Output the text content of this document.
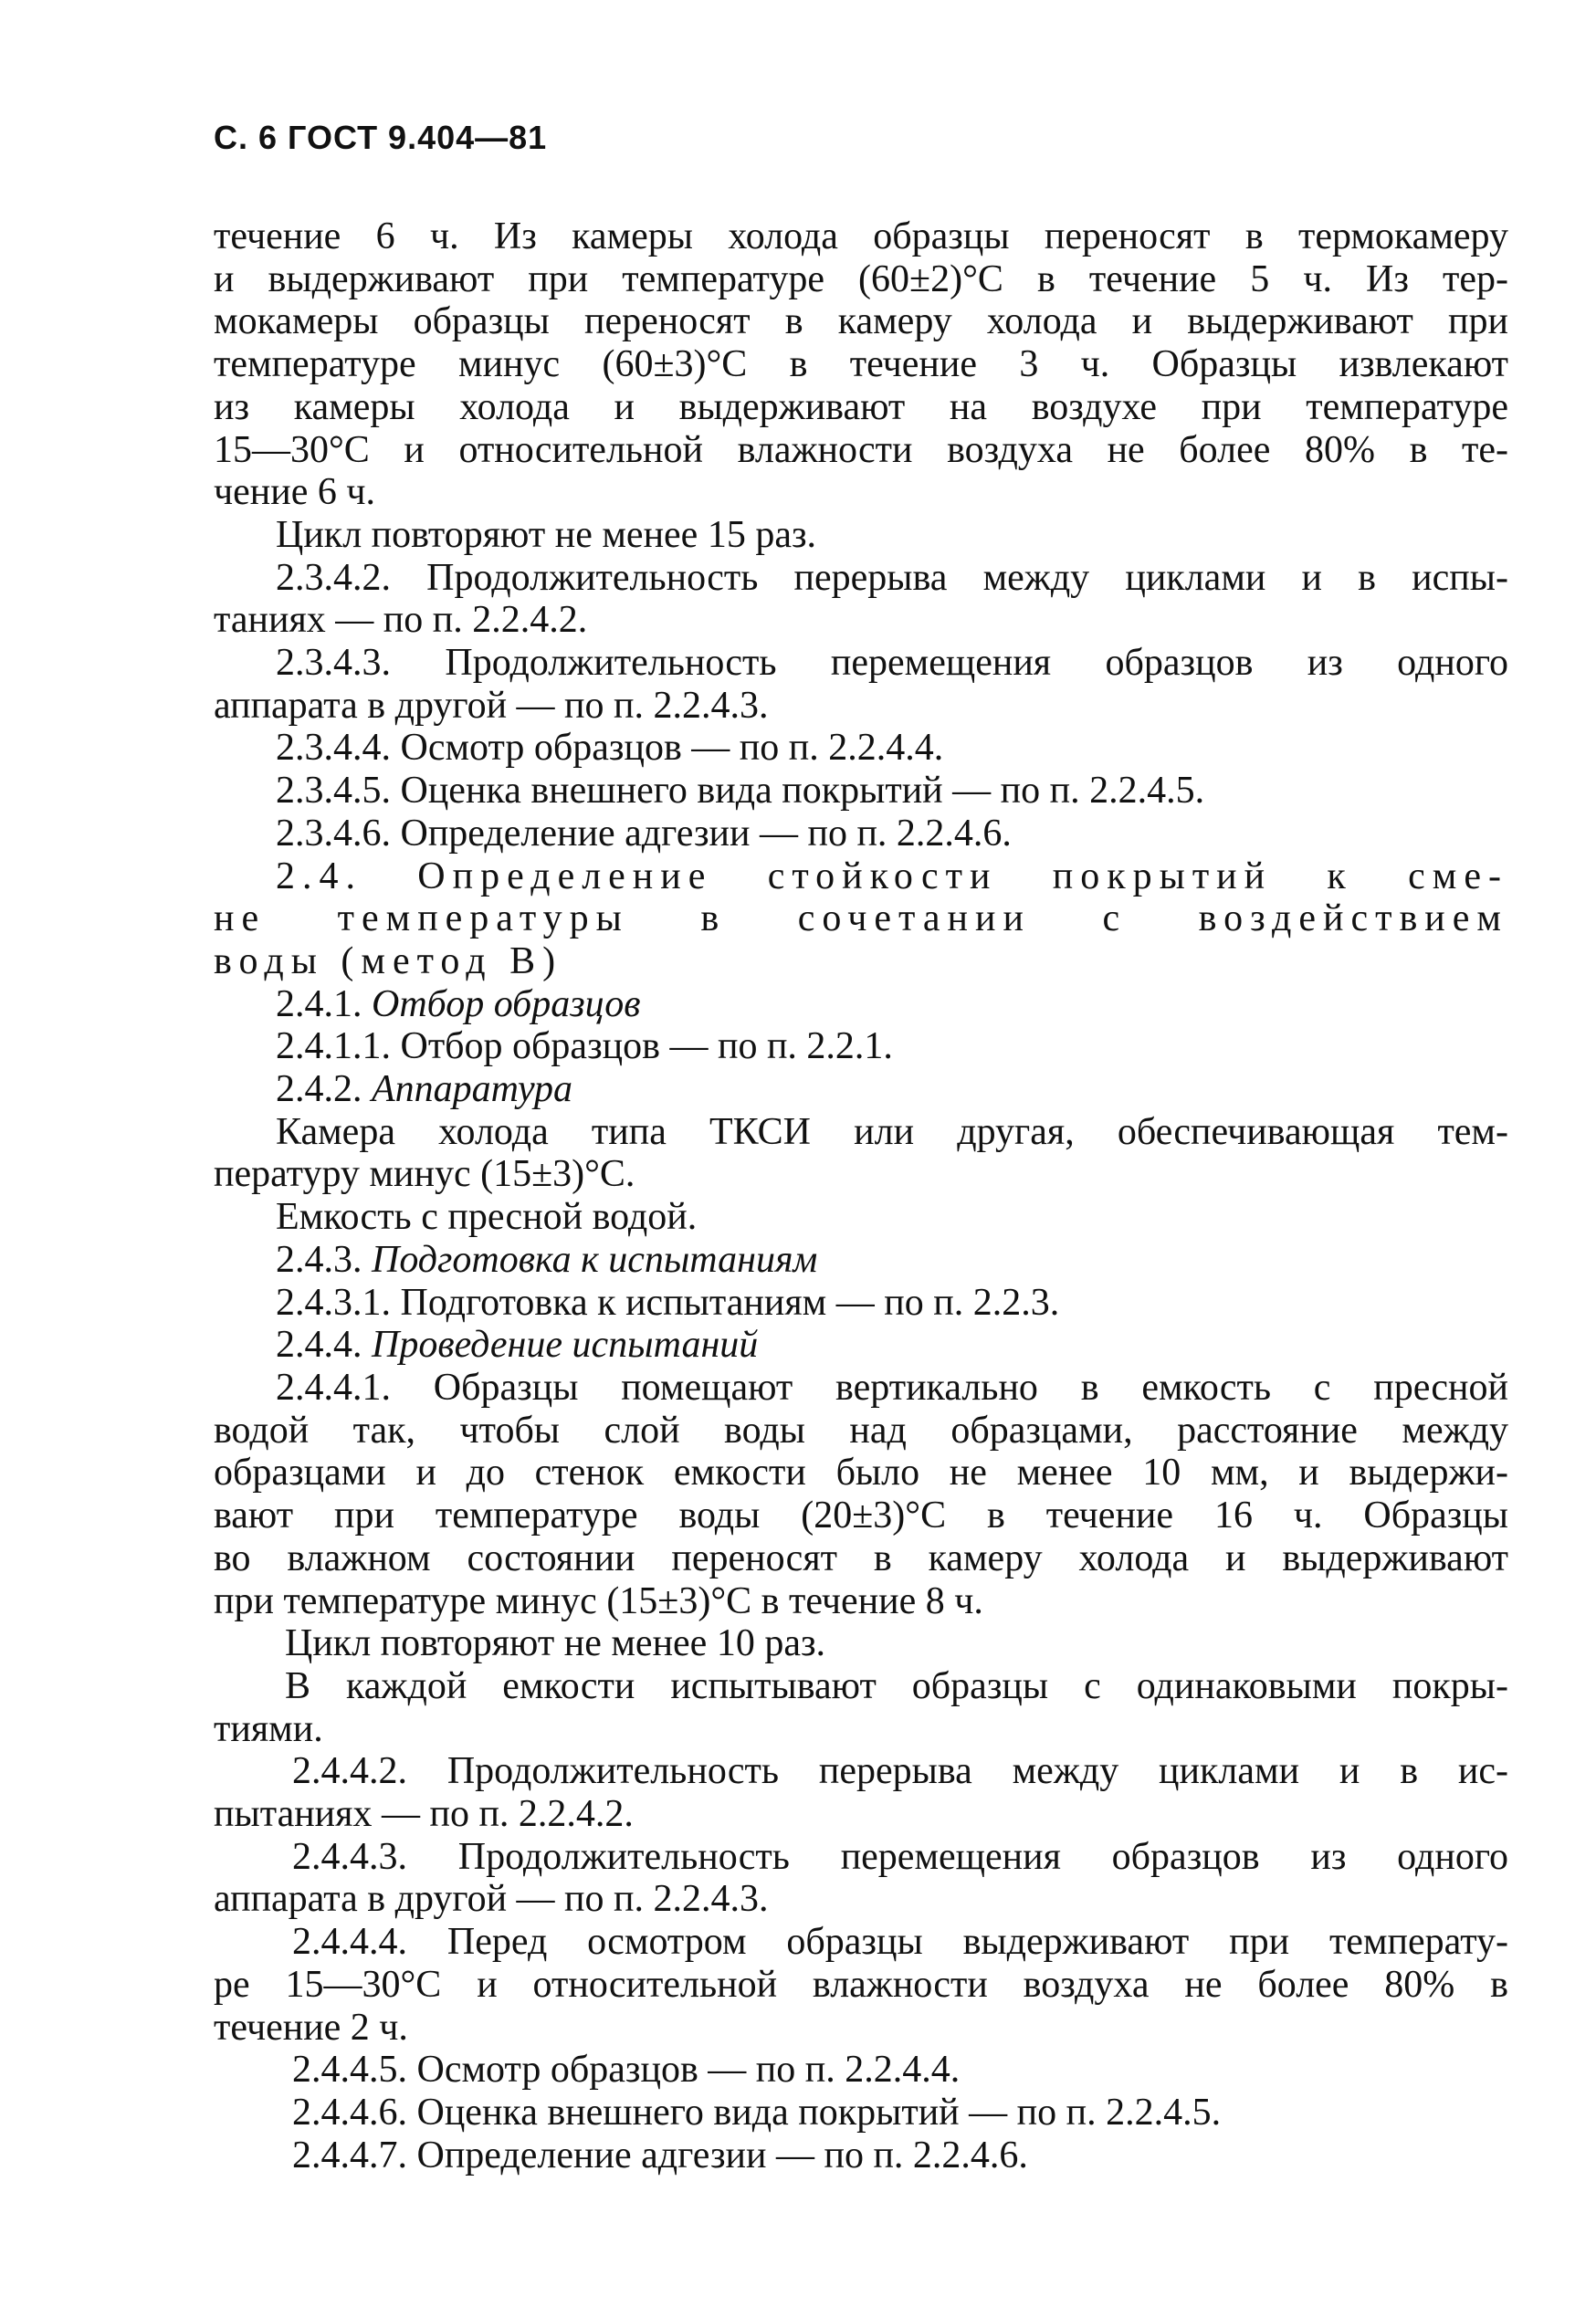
С. 6 ГОСТ 9.404—81
течение 6 ч. Из камеры холода образцы переносят в термокамеру
и выдерживают при температуре (60±2)°С в течение 5 ч. Из тер-
мокамеры образцы переносят в камеру холода и выдерживают при
температуре минус (60±3)°С в течение 3 ч. Образцы извлекают
из камеры холода и выдерживают на воздухе при температуре
15—30°С и относительной влажности воздуха не более 80% в те-
чение 6 ч.
Цикл повторяют не менее 15 раз.
2.3.4.2. Продолжительность перерыва между циклами и в испы-
таниях — по п. 2.2.4.2.
2.3.4.3. Продолжительность перемещения образцов из одного
аппарата в другой — по п. 2.2.4.3.
2.3.4.4. Осмотр образцов — по п. 2.2.4.4.
2.3.4.5. Оценка внешнего вида покрытий — по п. 2.2.4.5.
2.3.4.6. Определение адгезии — по п. 2.2.4.6.
2.4. Определение стойкости покрытий к сме-
не температуры в сочетании с воздействием
воды (метод В)
2.4.1. Отбор образцов
2.4.1.1. Отбор образцов — по п. 2.2.1.
2.4.2. Аппаратура
Камера холода типа ТКСИ или другая, обеспечивающая тем-
пературу минус (15±3)°С.
Емкость с пресной водой.
2.4.3. Подготовка к испытаниям
2.4.3.1. Подготовка к испытаниям — по п. 2.2.3.
2.4.4. Проведение испытаний
2.4.4.1. Образцы помещают вертикально в емкость с пресной
водой так, чтобы слой воды над образцами, расстояние между
образцами и до стенок емкости было не менее 10 мм, и выдержи-
вают при температуре воды (20±3)°С в течение 16 ч. Образцы
во влажном состоянии переносят в камеру холода и выдерживают
при температуре минус (15±3)°С в течение 8 ч.
Цикл повторяют не менее 10 раз.
В каждой емкости испытывают образцы с одинаковыми покры-
тиями.
2.4.4.2. Продолжительность перерыва между циклами и в ис-
пытаниях — по п. 2.2.4.2.
2.4.4.3. Продолжительность перемещения образцов из одного
аппарата в другой — по п. 2.2.4.3.
2.4.4.4. Перед осмотром образцы выдерживают при температу-
ре 15—30°С и относительной влажности воздуха не более 80% в
течение 2 ч.
2.4.4.5. Осмотр образцов — по п. 2.2.4.4.
2.4.4.6. Оценка внешнего вида покрытий — по п. 2.2.4.5.
2.4.4.7. Определение адгезии — по п. 2.2.4.6.
